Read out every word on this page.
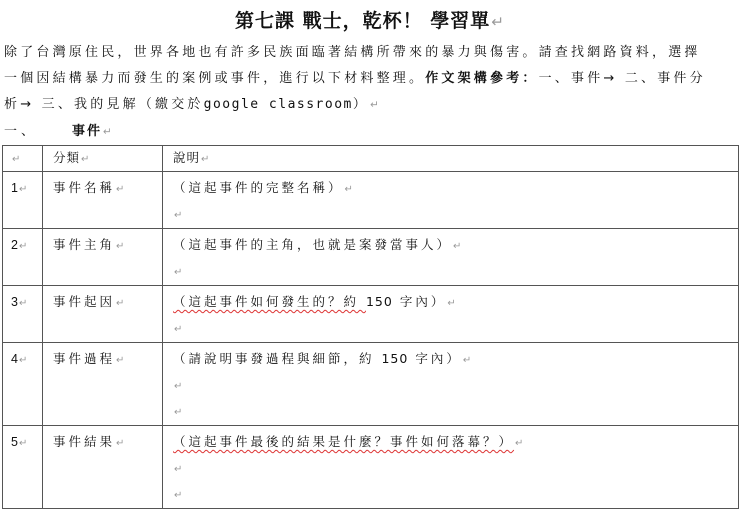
第七課 戰士，乾杯！ 學習單↵
除了台灣原住民，世界各地也有許多民族面臨著結構所帶來的暴力與傷害。請查找網路資料，選擇
一個因結構暴力而發生的案例或事件，進行以下材料整理。作文架構參考：一、事件→ 二、事件分
析→ 三、我的見解（繳交於google classroom）↵
一、	事件↵
↵	分類↵	說明↵
1↵	事件名稱↵	（這起事件的完整名稱）↵
↵

2↵	事件主角↵	（這起事件的主角，也就是案發當事人）↵
↵

3↵	事件起因↵	（這起事件如何發生的？約 150 字內）↵
↵

4↵	事件過程↵	（請說明事發過程與細節，約 150 字內）↵
↵
↵

5↵	事件結果↵	（這起事件最後的結果是什麼？事件如何落幕？）↵
↵
↵
